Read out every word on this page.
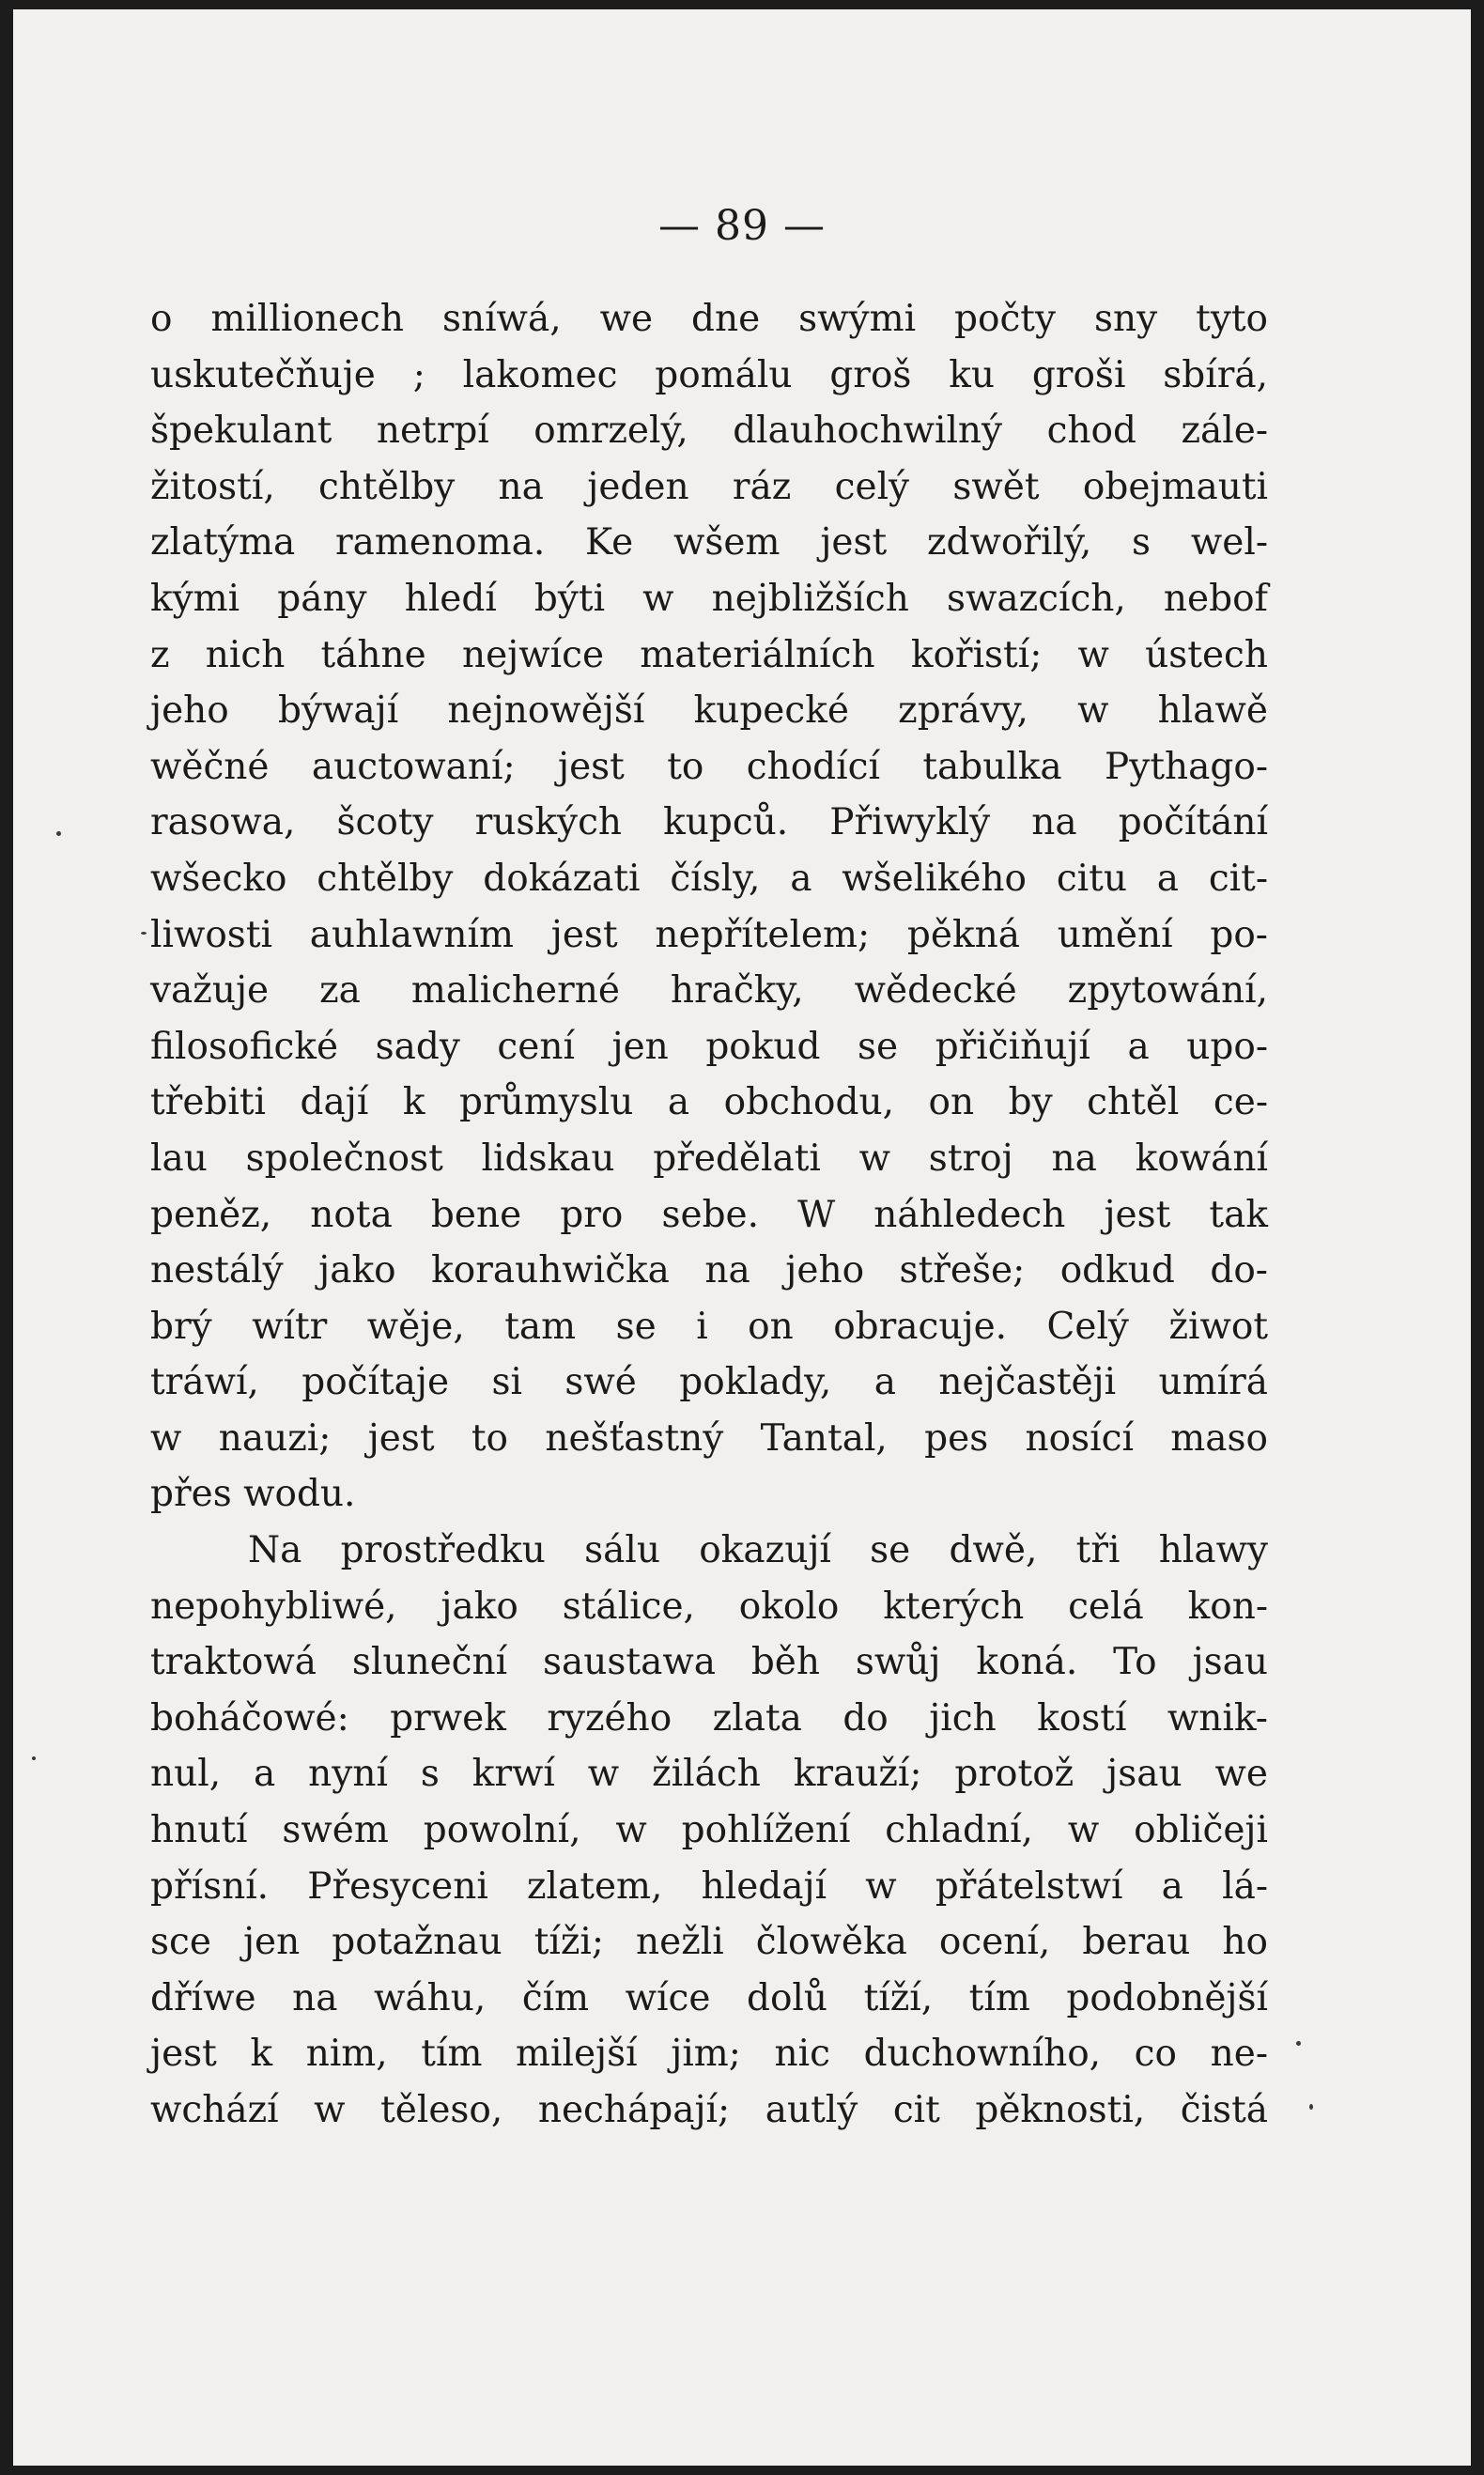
— 89 —
o millionech sníwá, we dne swými počty sny tyto
uskutečňuje ; lakomec pomálu groš ku groši sbírá,
špekulant netrpí omrzelý, dlauhochwilný chod zále-
žitostí, chtělby na jeden ráz celý swět obejmauti
zlatýma ramenoma. Ke wšem jest zdwořilý, s wel-
kými pány hledí býti w nejbližších swazcích, nebof
z nich táhne nejwíce materiálních kořistí; w ústech
jeho býwají nejnowější kupecké zprávy, w hlawě
wěčné auctowaní; jest to chodící tabulka Pythago-
rasowa, šcoty ruských kupců. Přiwyklý na počítání
wšecko chtělby dokázati čísly, a wšelikého citu a cit-
liwosti auhlawním jest nepřítelem; pěkná umění po-
važuje za malicherné hračky, wědecké zpytowání,
filosofické sady cení jen pokud se přičiňují a upo-
třebiti dají k průmyslu a obchodu, on by chtěl ce-
lau společnost lidskau předělati w stroj na kowání
peněz, nota bene pro sebe. W náhledech jest tak
nestálý jako korauhwička na jeho střeše; odkud do-
brý wítr wěje, tam se i on obracuje. Celý žiwot
tráwí, počítaje si swé poklady, a nejčastěji umírá
w nauzi; jest to nešťastný Tantal, pes nosící maso
přes wodu.
Na prostředku sálu okazují se dwě, tři hlawy
nepohybliwé, jako stálice, okolo kterých celá kon-
traktowá sluneční saustawa běh swůj koná. To jsau
boháčowé: prwek ryzého zlata do jich kostí wnik-
nul, a nyní s krwí w žilách krauží; protož jsau we
hnutí swém powolní, w pohlížení chladní, w obličeji
přísní. Přesyceni zlatem, hledají w přátelstwí a lá-
sce jen potažnau tíži; nežli člowěka ocení, berau ho
dříwe na wáhu, čím wíce dolů tíží, tím podobnější
jest k nim, tím milejší jim; nic duchowního, co ne-
wchází w těleso, nechápají; autlý cit pěknosti, čistá
